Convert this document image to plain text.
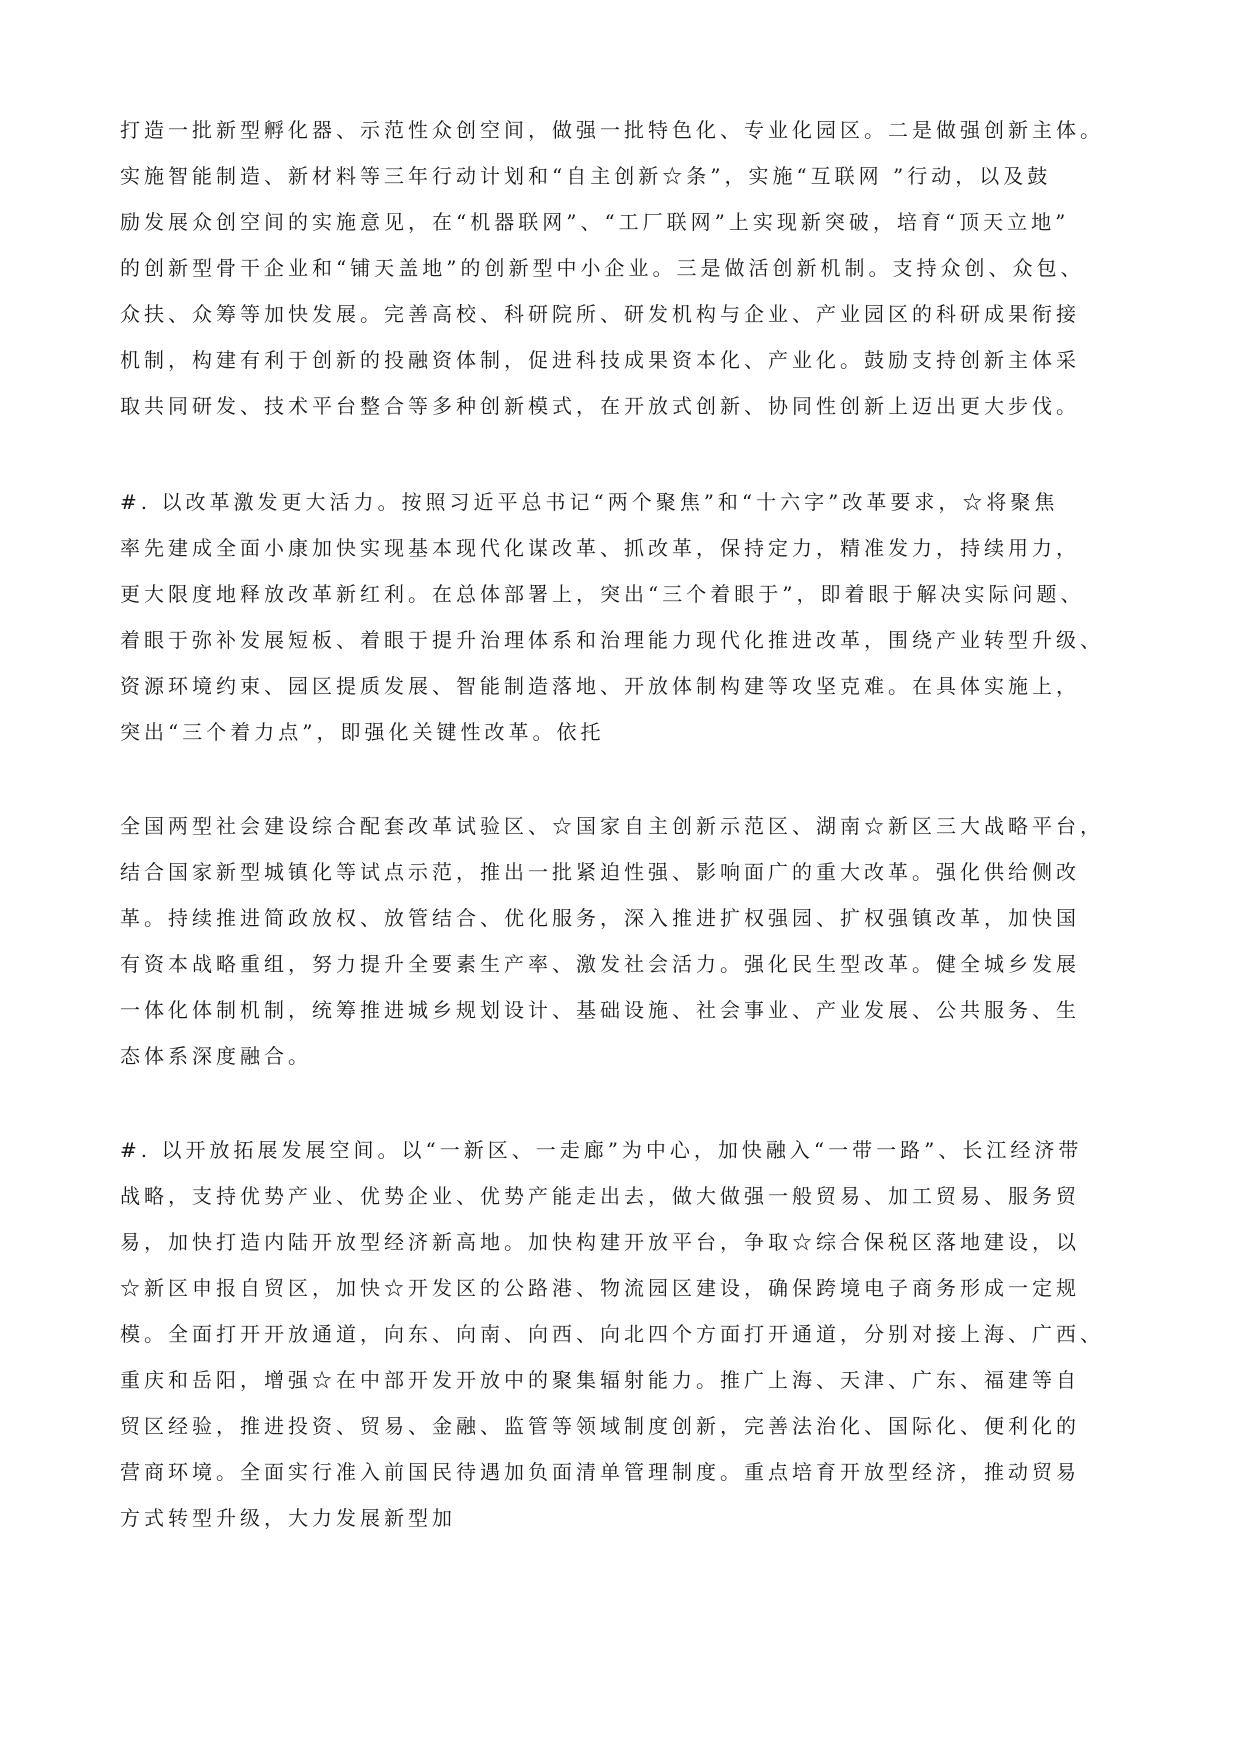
打造一批新型孵化器、示范性众创空间，做强一批特色化、专业化园区。二是做强创新主体。
实施智能制造、新材料等三年行动计划和“自主创新☆条”，实施“互联网 ”行动，以及鼓
励发展众创空间的实施意见，在“机器联网”、“工厂联网”上实现新突破，培育“顶天立地”
的创新型骨干企业和“铺天盖地”的创新型中小企业。三是做活创新机制。支持众创、众包、
众扶、众筹等加快发展。完善高校、科研院所、研发机构与企业、产业园区的科研成果衔接
机制，构建有利于创新的投融资体制，促进科技成果资本化、产业化。鼓励支持创新主体采
取共同研发、技术平台整合等多种创新模式，在开放式创新、协同性创新上迈出更大步伐。
#. 以改革激发更大活力。按照习近平总书记“两个聚焦”和“十六字”改革要求，☆将聚焦
率先建成全面小康加快实现基本现代化谋改革、抓改革，保持定力，精准发力，持续用力，
更大限度地释放改革新红利。在总体部署上，突出“三个着眼于”，即着眼于解决实际问题、
着眼于弥补发展短板、着眼于提升治理体系和治理能力现代化推进改革，围绕产业转型升级、
资源环境约束、园区提质发展、智能制造落地、开放体制构建等攻坚克难。在具体实施上，
突出“三个着力点”，即强化关键性改革。依托
全国两型社会建设综合配套改革试验区、☆国家自主创新示范区、湖南☆新区三大战略平台，
结合国家新型城镇化等试点示范，推出一批紧迫性强、影响面广的重大改革。强化供给侧改
革。持续推进简政放权、放管结合、优化服务，深入推进扩权强园、扩权强镇改革，加快国
有资本战略重组，努力提升全要素生产率、激发社会活力。强化民生型改革。健全城乡发展
一体化体制机制，统筹推进城乡规划设计、基础设施、社会事业、产业发展、公共服务、生
态体系深度融合。
#. 以开放拓展发展空间。以“一新区、一走廊”为中心，加快融入“一带一路”、长江经济带
战略，支持优势产业、优势企业、优势产能走出去，做大做强一般贸易、加工贸易、服务贸
易，加快打造内陆开放型经济新高地。加快构建开放平台，争取☆综合保税区落地建设，以
☆新区申报自贸区，加快☆开发区的公路港、物流园区建设，确保跨境电子商务形成一定规
模。全面打开开放通道，向东、向南、向西、向北四个方面打开通道，分别对接上海、广西、
重庆和岳阳，增强☆在中部开发开放中的聚集辐射能力。推广上海、天津、广东、福建等自
贸区经验，推进投资、贸易、金融、监管等领域制度创新，完善法治化、国际化、便利化的
营商环境。全面实行准入前国民待遇加负面清单管理制度。重点培育开放型经济，推动贸易
方式转型升级，大力发展新型加
